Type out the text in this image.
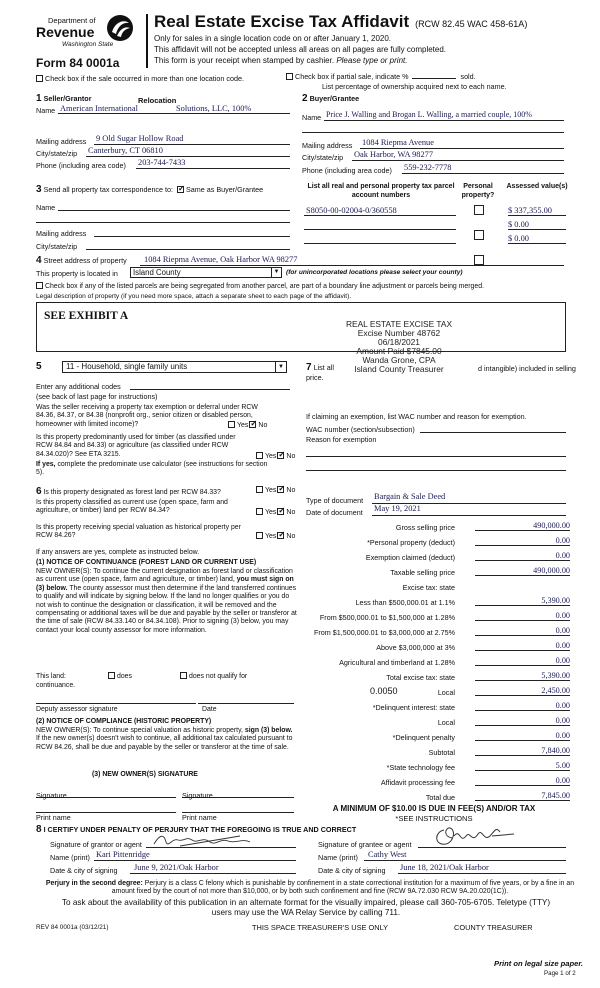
Department of
Revenue
Washington State
Form 84 0001a
Real Estate Excise Tax Affidavit (RCW 82.45 WAC 458-61A)
Only for sales in a single location code on or after January 1, 2020.
This affidavit will not be accepted unless all areas on all pages are fully completed.
This form is your receipt when stamped by cashier. Please type or print.
Check box if the sale occurred in more than one location code.	Check box if partial sale, indicate %	sold.
List percentage of ownership acquired next to each name.
1 Seller/Grantor	Relocation
Name American International	Solutions, LLC, 100%
Mailing address 9 Old Sugar Hollow Road
City/state/zip Canterbury, CT 06810
Phone (including area code) 203-744-7433
2 Buyer/Grantee
Name Price J. Walling and Brogan L. Walling, a married couple, 100%
Mailing address 1084 Riepma Avenue
City/state/zip Oak Harbor, WA 98277
Phone (including area code) 559-232-7778
3 Send all property tax correspondence to: ✓ Same as Buyer/Grantee
Name
Mailing address
City/state/zip
List all real and personal property tax parcel account numbers
Personal property?
Assessed value(s)
S8050-00-02004-0/360558	$ 337,355.00
$ 0.00
$ 0.00
4 Street address of property 1084 Riepma Avenue, Oak Harbor WA 98277
This property is located in Island County	▼ (for unincorporated locations please select your county)
Check box if any of the listed parcels are being segregated from another parcel, are part of a boundary line adjustment or parcels being merged.
Legal description of property (if you need more space, attach a separate sheet to each page of the affidavit).
SEE EXHIBIT A
REAL ESTATE EXCISE TAX
Excise Number 48762
06/18/2021
Amount Paid $7845.00
Wanda Grone, CPA
Island County Treasurer
5	11 - Household, single family units	▼
Enter any additional codes
(see back of last page for instructions)
Was the seller receiving a property tax exemption or deferral under RCW 84.36, 84.37, or 84.38 (nonprofit org., senior citizen or disabled person, homeowner with limited income)?	Yes ✓ No
Is this property predominantly used for timber (as classified under RCW 84.84 and 84.33) or agriculture (as classified under RCW 84.34.020)? See ETA 3215.	Yes ✓ No
If yes, complete the predominate use calculator (see instructions for section 5).
7 List all
price.
d intangible) included in selling
If claiming an exemption, list WAC number and reason for exemption.
WAC number (section/subsection)
Reason for exemption
Type of document Bargain & Sale Deed
Date of document May 19, 2021
6 Is this property designated as forest land per RCW 84.33?	Yes ✓ No
Is this property classified as current use (open space, farm and agriculture, or timber) land per RCW 84.34?	Yes ✓ No
Is this property receiving special valuation as historical property per RCW 84.26?	Yes ✓ No
If any answers are yes, complete as instructed below.
(1) NOTICE OF CONTINUANCE (FOREST LAND OR CURRENT USE)
NEW OWNER(S): To continue the current designation as forest land or classification as current use (open space, farm and agriculture, or timber) land, you must sign on (3) below. The county assessor must then determine if the land transferred continues to qualify and will indicate by signing below. If the land no longer qualifies or you do not wish to continue the designation or classification, it will be removed and the compensating or additional taxes will be due and payable by the seller or transferor at the time of sale (RCW 84.33.140 or 84.34.108). Prior to signing (3) below, you may contact your local county assessor for more information.
This land:	does	does not qualify for
continuance.
Deputy assessor signature	Date
(2) NOTICE OF COMPLIANCE (HISTORIC PROPERTY)
NEW OWNER(S): To continue special valuation as historic property, sign (3) below. If the new owner(s) doesn't wish to continue, all additional tax calculated pursuant to RCW 84.26, shall be due and payable by the seller or transferor at the time of sale.
(3) NEW OWNER(S) SIGNATURE
Signature	Signature
Print name	Print name
Gross selling price	490,000.00
*Personal property (deduct)	0.00
Exemption claimed (deduct)	0.00
Taxable selling price	490,000.00
Excise tax: state
Less than $500,000.01 at 1.1%	5,390.00
From $500,000.01 to $1,500,000 at 1.28%	0.00
From $1,500,000.01 to $3,000,000 at 2.75%	0.00
Above $3,000,000 at 3%	0.00
Agricultural and timberland at 1.28%	0.00
Total excise tax: state	5,390.00
0.0050	Local	2,450.00
*Delinquent interest: state	0.00
Local	0.00
*Delinquent penalty	0.00
Subtotal	7,840.00
*State technology fee	5.00
Affidavit processing fee	0.00
Total due	7,845.00
A MINIMUM OF $10.00 IS DUE IN FEE(S) AND/OR TAX
*SEE INSTRUCTIONS
8 I CERTIFY UNDER PENALTY OF PERJURY THAT THE FOREGOING IS TRUE AND CORRECT
Signature of grantor or agent
Name (print) Kari Pittenridge
Date & city of signing June 9, 2021/Oak Harbor
Signature of grantee or agent
Name (print) Cathy West
Date & city of signing June 18, 2021/Oak Harbor
Perjury in the second degree: Perjury is a class C felony which is punishable by confinement in a state correctional institution for a maximum of five years, or by a fine in an amount fixed by the court of not more than $10,000, or by both such confinement and fine (RCW 9A.72.030 RCW 9A.20.020(1C)).
To ask about the availability of this publication in an alternate format for the visually impaired, please call 360-705-6705. Teletype (TTY) users may use the WA Relay Service by calling 711.
REV 84 0001a (03/12/21)	THIS SPACE TREASURER'S USE ONLY	COUNTY TREASURER
Print on legal size paper.
Page 1 of 2
